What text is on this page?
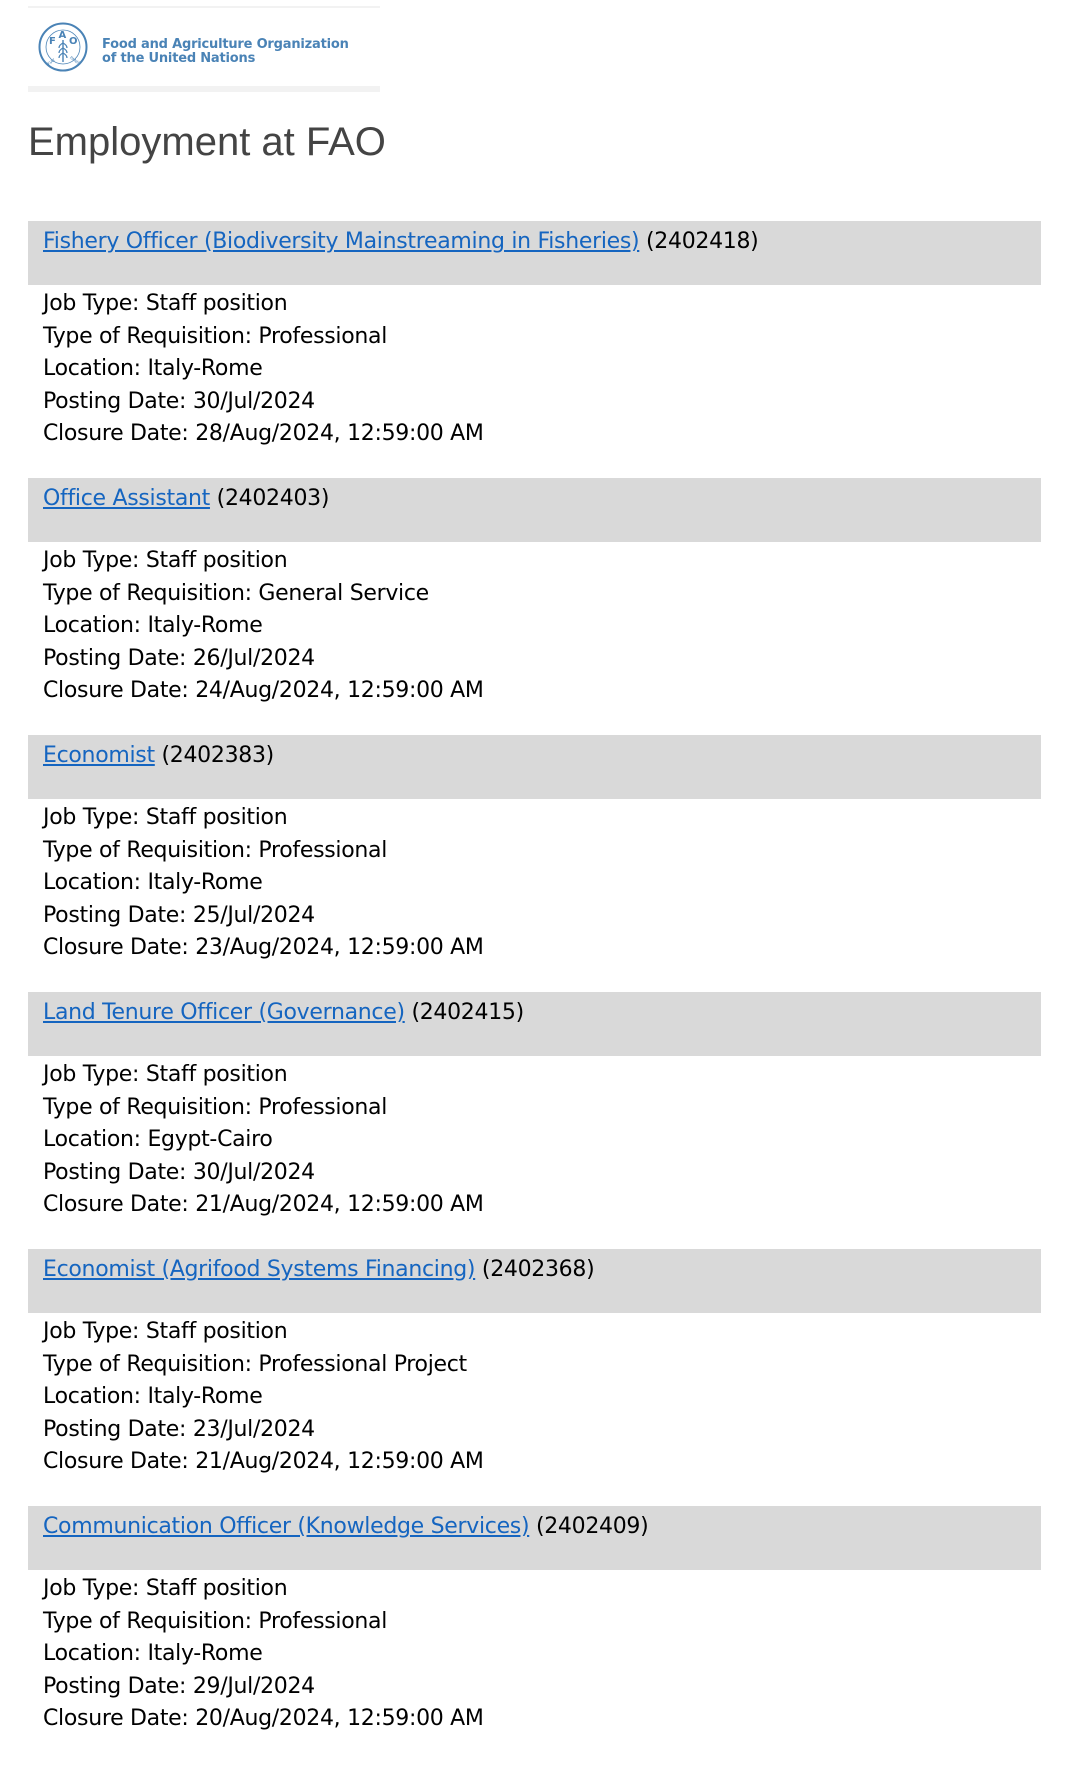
F
A
O
FIAT	PANIS
Food and Agriculture Organization
of the United Nations
Employment at FAO
Fishery Officer (Biodiversity Mainstreaming in Fisheries) (2402418)
Job Type: Staff position
Type of Requisition: Professional
Location: Italy-Rome
Posting Date: 30/Jul/2024
Closure Date: 28/Aug/2024, 12:59:00 AM
Office Assistant (2402403)
Job Type: Staff position
Type of Requisition: General Service
Location: Italy-Rome
Posting Date: 26/Jul/2024
Closure Date: 24/Aug/2024, 12:59:00 AM
Economist (2402383)
Job Type: Staff position
Type of Requisition: Professional
Location: Italy-Rome
Posting Date: 25/Jul/2024
Closure Date: 23/Aug/2024, 12:59:00 AM
Land Tenure Officer (Governance) (2402415)
Job Type: Staff position
Type of Requisition: Professional
Location: Egypt-Cairo
Posting Date: 30/Jul/2024
Closure Date: 21/Aug/2024, 12:59:00 AM
Economist (Agrifood Systems Financing) (2402368)
Job Type: Staff position
Type of Requisition: Professional Project
Location: Italy-Rome
Posting Date: 23/Jul/2024
Closure Date: 21/Aug/2024, 12:59:00 AM
Communication Officer (Knowledge Services) (2402409)
Job Type: Staff position
Type of Requisition: Professional
Location: Italy-Rome
Posting Date: 29/Jul/2024
Closure Date: 20/Aug/2024, 12:59:00 AM
